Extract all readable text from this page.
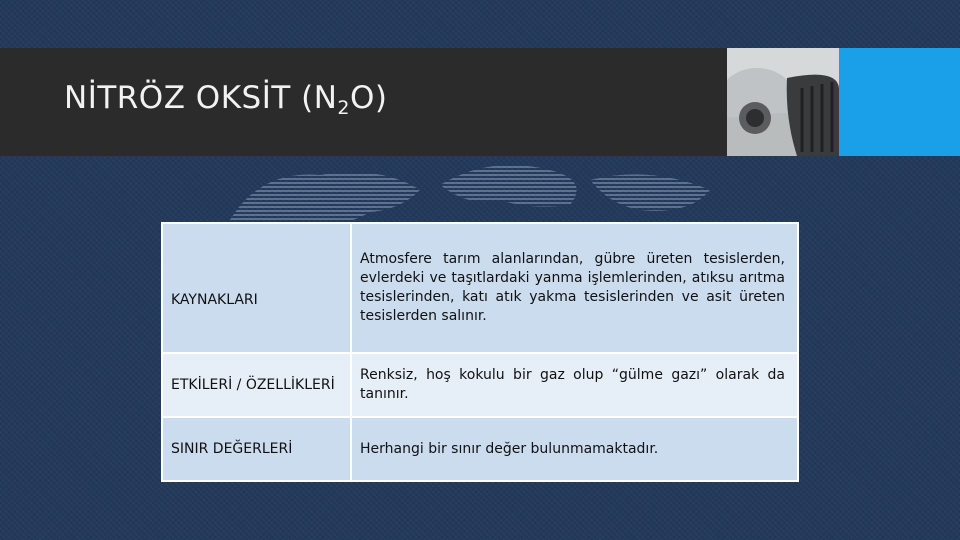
NİTRÖZ OKSİT $(N_2O)$
KAYNAKLARI	Atmosfere tarım alanlarından, gübre üreten tesislerden, evlerdeki ve taşıtlardaki yanma işlemlerinden, atıksu arıtma tesislerinden, katı atık yakma tesislerinden ve asit üreten tesislerden salınır.
ETKİLERİ / ÖZELLİKLERİ	Renksiz, hoş kokulu bir gaz olup “gülme gazı” olarak da tanınır.
SINIR DEĞERLERİ	Herhangi bir sınır değer bulunmamaktadır.
